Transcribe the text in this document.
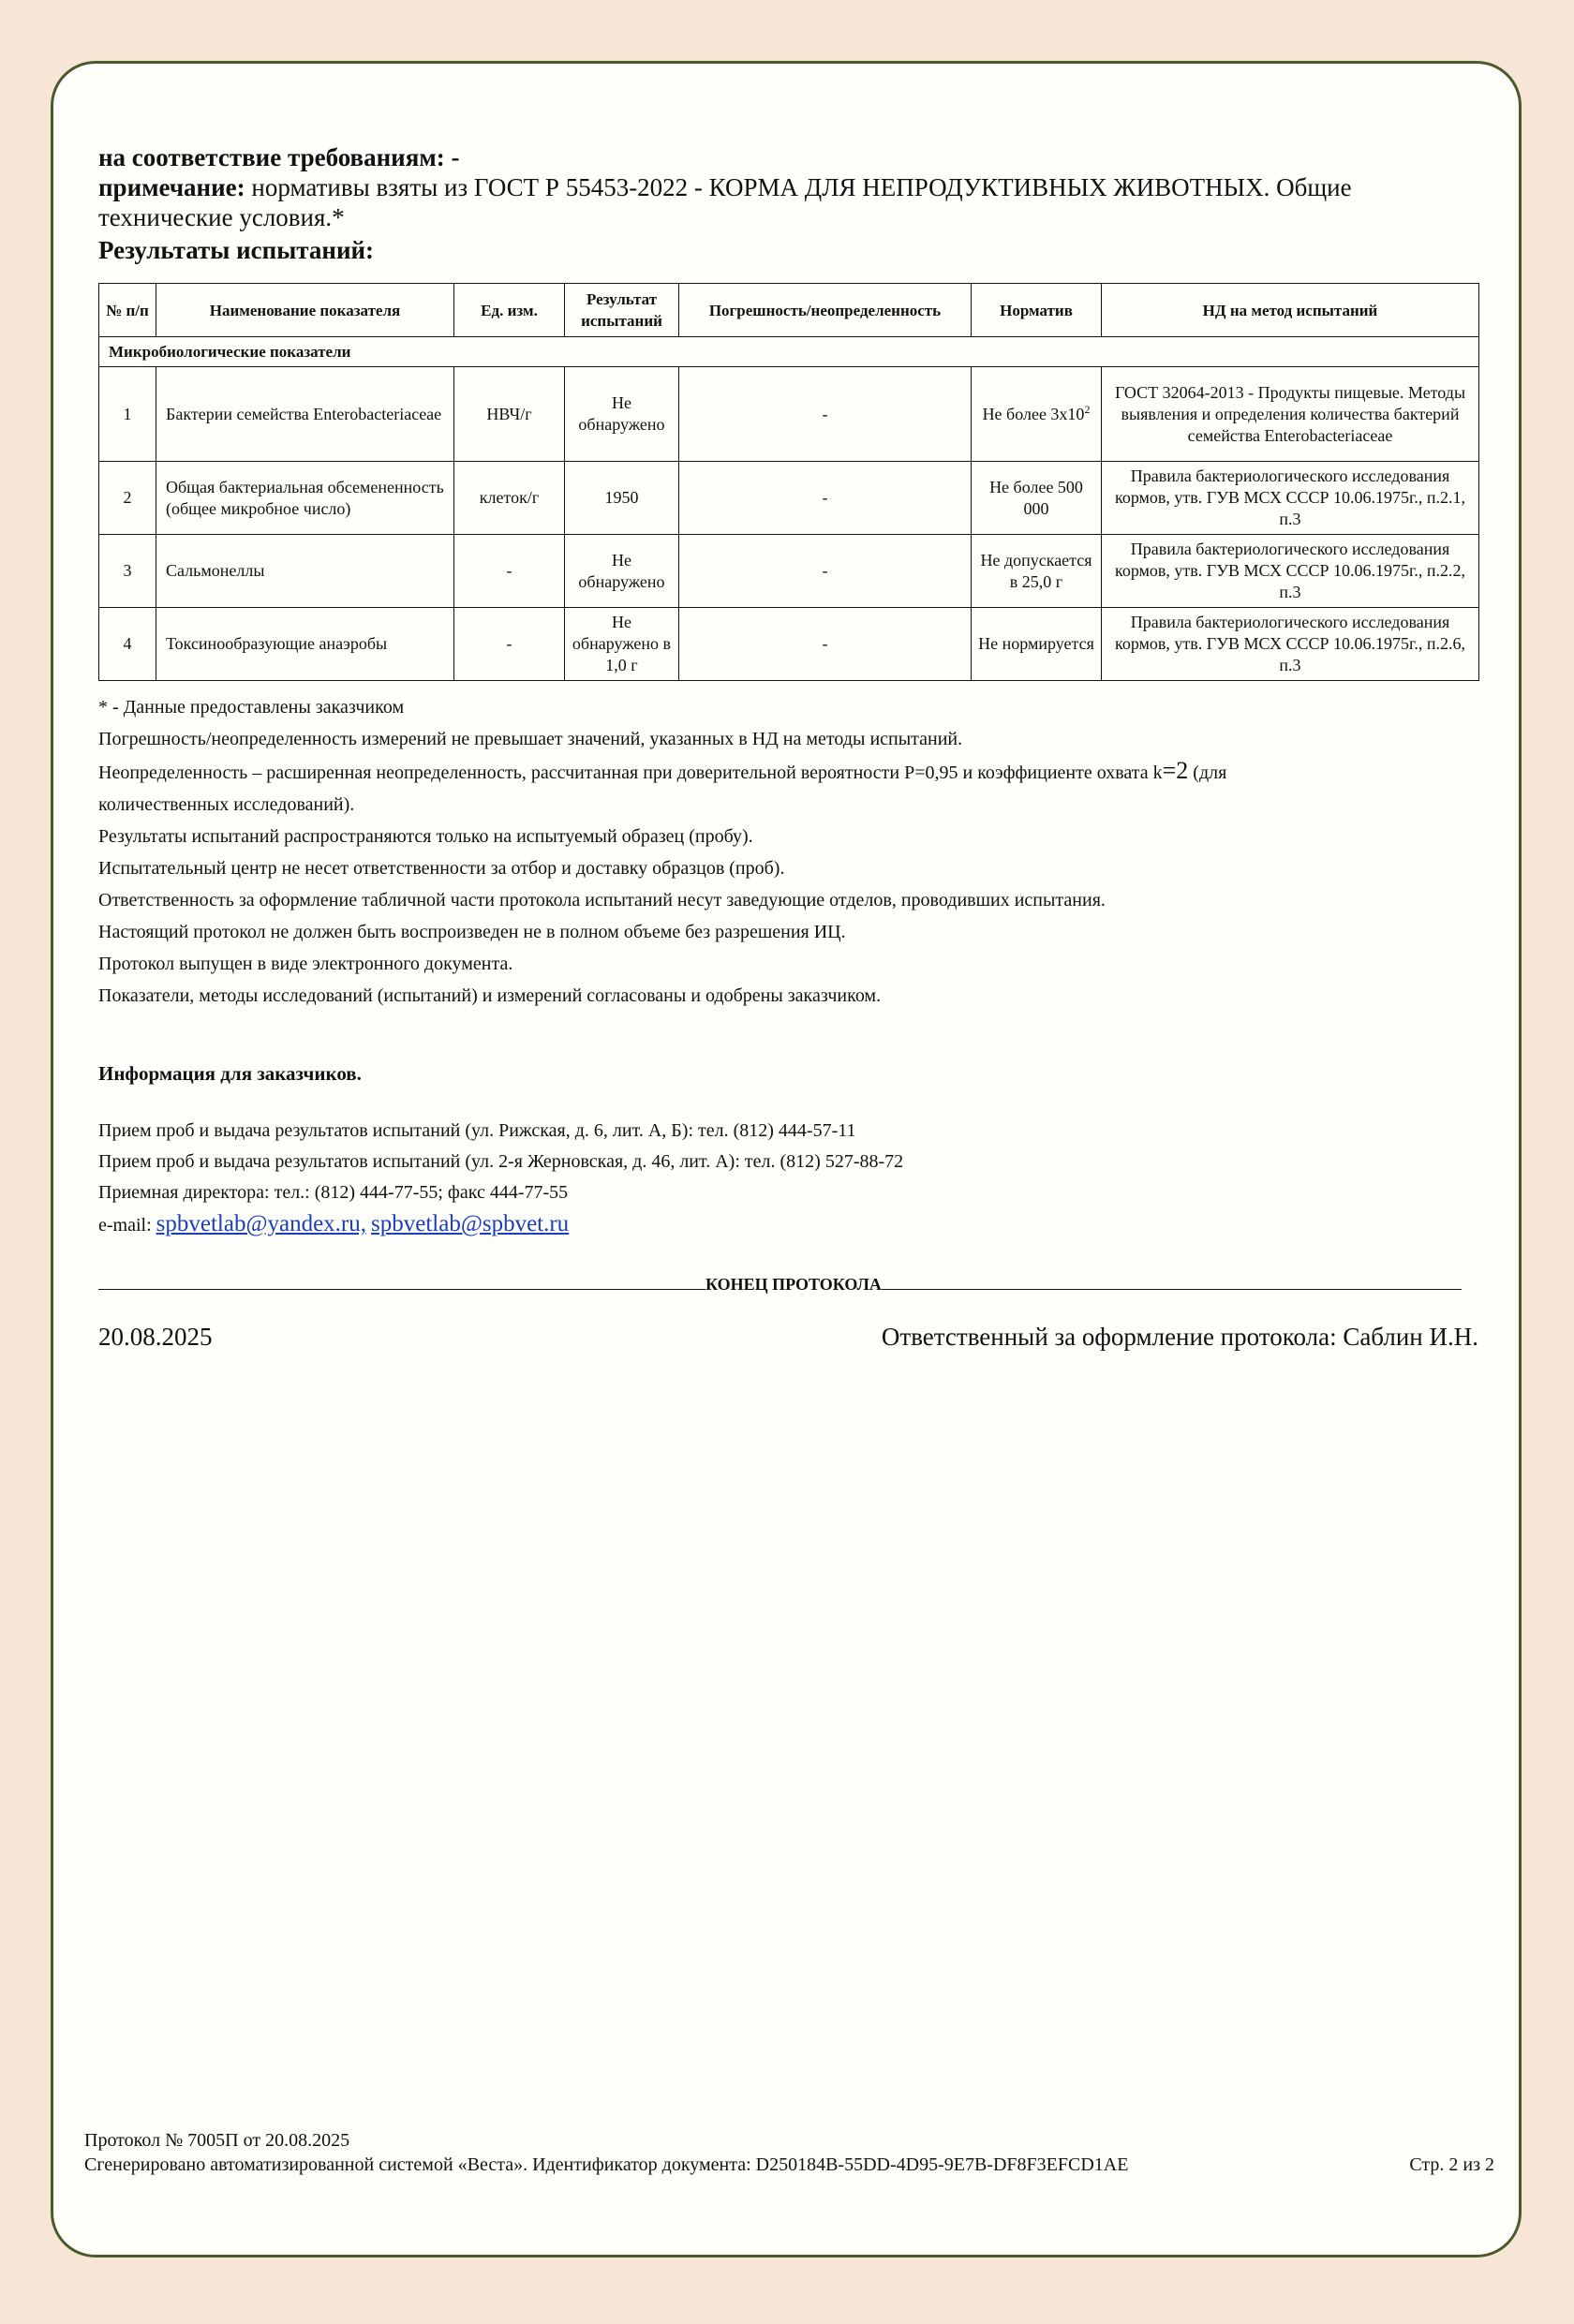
на соответствие требованиям: -
примечание: нормативы взяты из ГОСТ Р 55453-2022 - КОРМА ДЛЯ НЕПРОДУКТИВНЫХ ЖИВОТНЫХ. Общие
технические условия.*
Результаты испытаний:
№ п/п	Наименование показателя	Ед. изм.	Результат испытаний	Погрешность/неопределенность	Норматив	НД на метод испытаний
Микробиологические показатели						
1	Бактерии семейства Enterobacteriaceae	НВЧ/г	Не обнаружено	-	Не более $3x10^2$	ГОСТ 32064-2013 - Продукты пищевые. Методы выявления и определения количества бактерий семейства Enterobacteriaceae
2	Общая бактериальная обсемененность (общее микробное число)	клеток/г	1950	-	Не более 500 000	Правила бактериологического исследования кормов, утв. ГУВ МСХ СССР 10.06.1975г., п.2.1, п.3
3	Сальмонеллы	-	Не обнаружено	-	Не допускается в 25,0 г	Правила бактериологического исследования кормов, утв. ГУВ МСХ СССР 10.06.1975г., п.2.2, п.3
4	Токсинообразующие анаэробы	-	Не обнаружено в 1,0 г	-	Не нормируется	Правила бактериологического исследования кормов, утв. ГУВ МСХ СССР 10.06.1975г., п.2.6, п.3

* - Данные предоставлены заказчиком

Погрешность/неопределенность измерений не превышает значений, указанных в НД на методы испытаний.

Неопределенность – расширенная неопределенность, рассчитанная при доверительной вероятности P=0,95 и коэффициенте охвата k=2 (для

количественных исследований).

Результаты испытаний распространяются только на испытуемый образец (пробу).

Испытательный центр не несет ответственности за отбор и доставку образцов (проб).

Ответственность за оформление табличной части протокола испытаний несут заведующие отделов, проводивших испытания.

Настоящий протокол не должен быть воспроизведен не в полном объеме без разрешения ИЦ.

Протокол выпущен в виде электронного документа.

Показатели, методы исследований (испытаний) и измерений согласованы и одобрены заказчиком.

Информация для заказчиков.

Прием проб и выдача результатов испытаний (ул. Рижская, д. 6, лит. А, Б): тел. (812) 444-57-11

Прием проб и выдача результатов испытаний (ул. 2-я Жерновская, д. 46, лит. А): тел. (812) 527-88-72

Приемная директора: тел.: (812) 444-77-55; факс 444-77-55

e-mail: spbvetlab@yandex.ru, spbvetlab@spbvet.ru

КОНЕЦ ПРОТОКОЛА
20.08.2025	Ответственный за оформление протокола: Саблин И.Н.
Протокол № 7005П от 20.08.2025
Сгенерировано автоматизированной системой «Веста». Идентификатор документа: D250184B-55DD-4D95-9E7B-DF8F3EFCD1AE	Стр. 2 из 2
